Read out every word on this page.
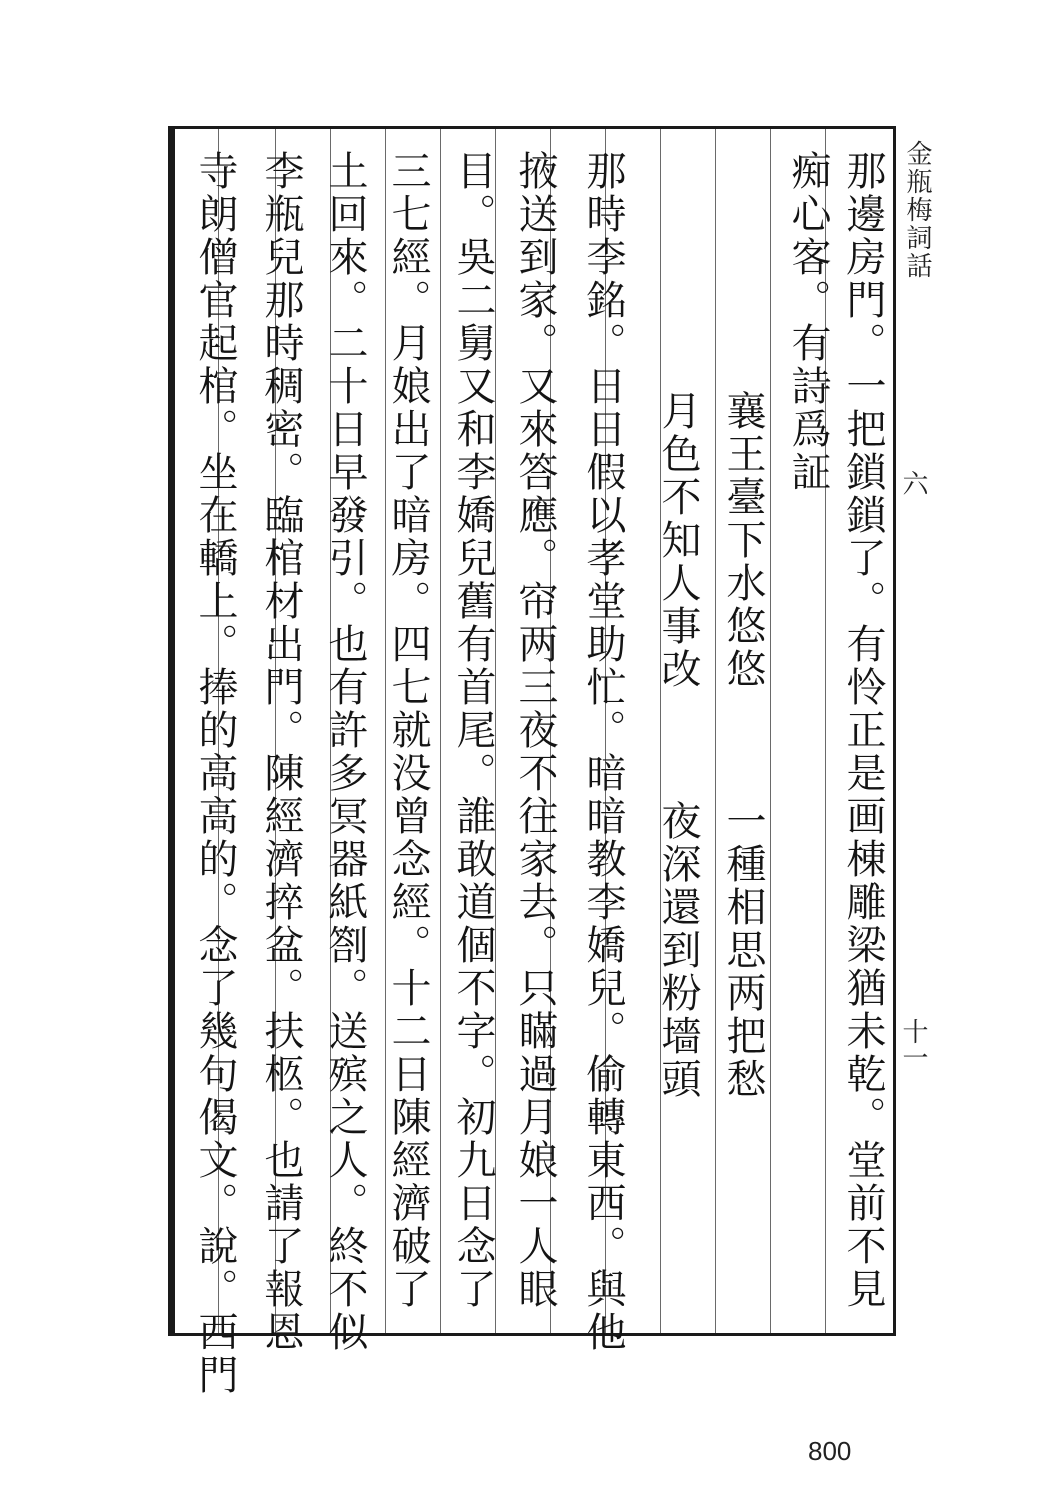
金瓶梅詞話
六
十一
那邊房門。一把鎖鎖了。有怜正是画棟雕梁猶未乾。堂前不見
痴心客。有詩爲証
襄王臺下水悠悠
一種相思两把愁
月色不知人事改
夜深還到粉墻頭
那時李銘。日日假以孝堂助忙。暗暗教李嬌兒。偷轉東西。與他
掖送到家。又來答應。帘两三夜不往家去。只瞞過月娘一人眼
目。吳二舅又和李嬌兒舊有首尾。誰敢道個不字。初九日念了
三七經。月娘出了暗房。四七就没曾念經。十二日陳經濟破了
土回來。二十日早發引。也有許多冥器紙劄。送殡之人。終不似
李瓶兒那時稠密。臨棺材出門。陳經濟捽盆。扶柩。也請了報恩
寺朗僧官起棺。坐在轎上。捧的高高的。念了幾句偈文。說。西門
800
